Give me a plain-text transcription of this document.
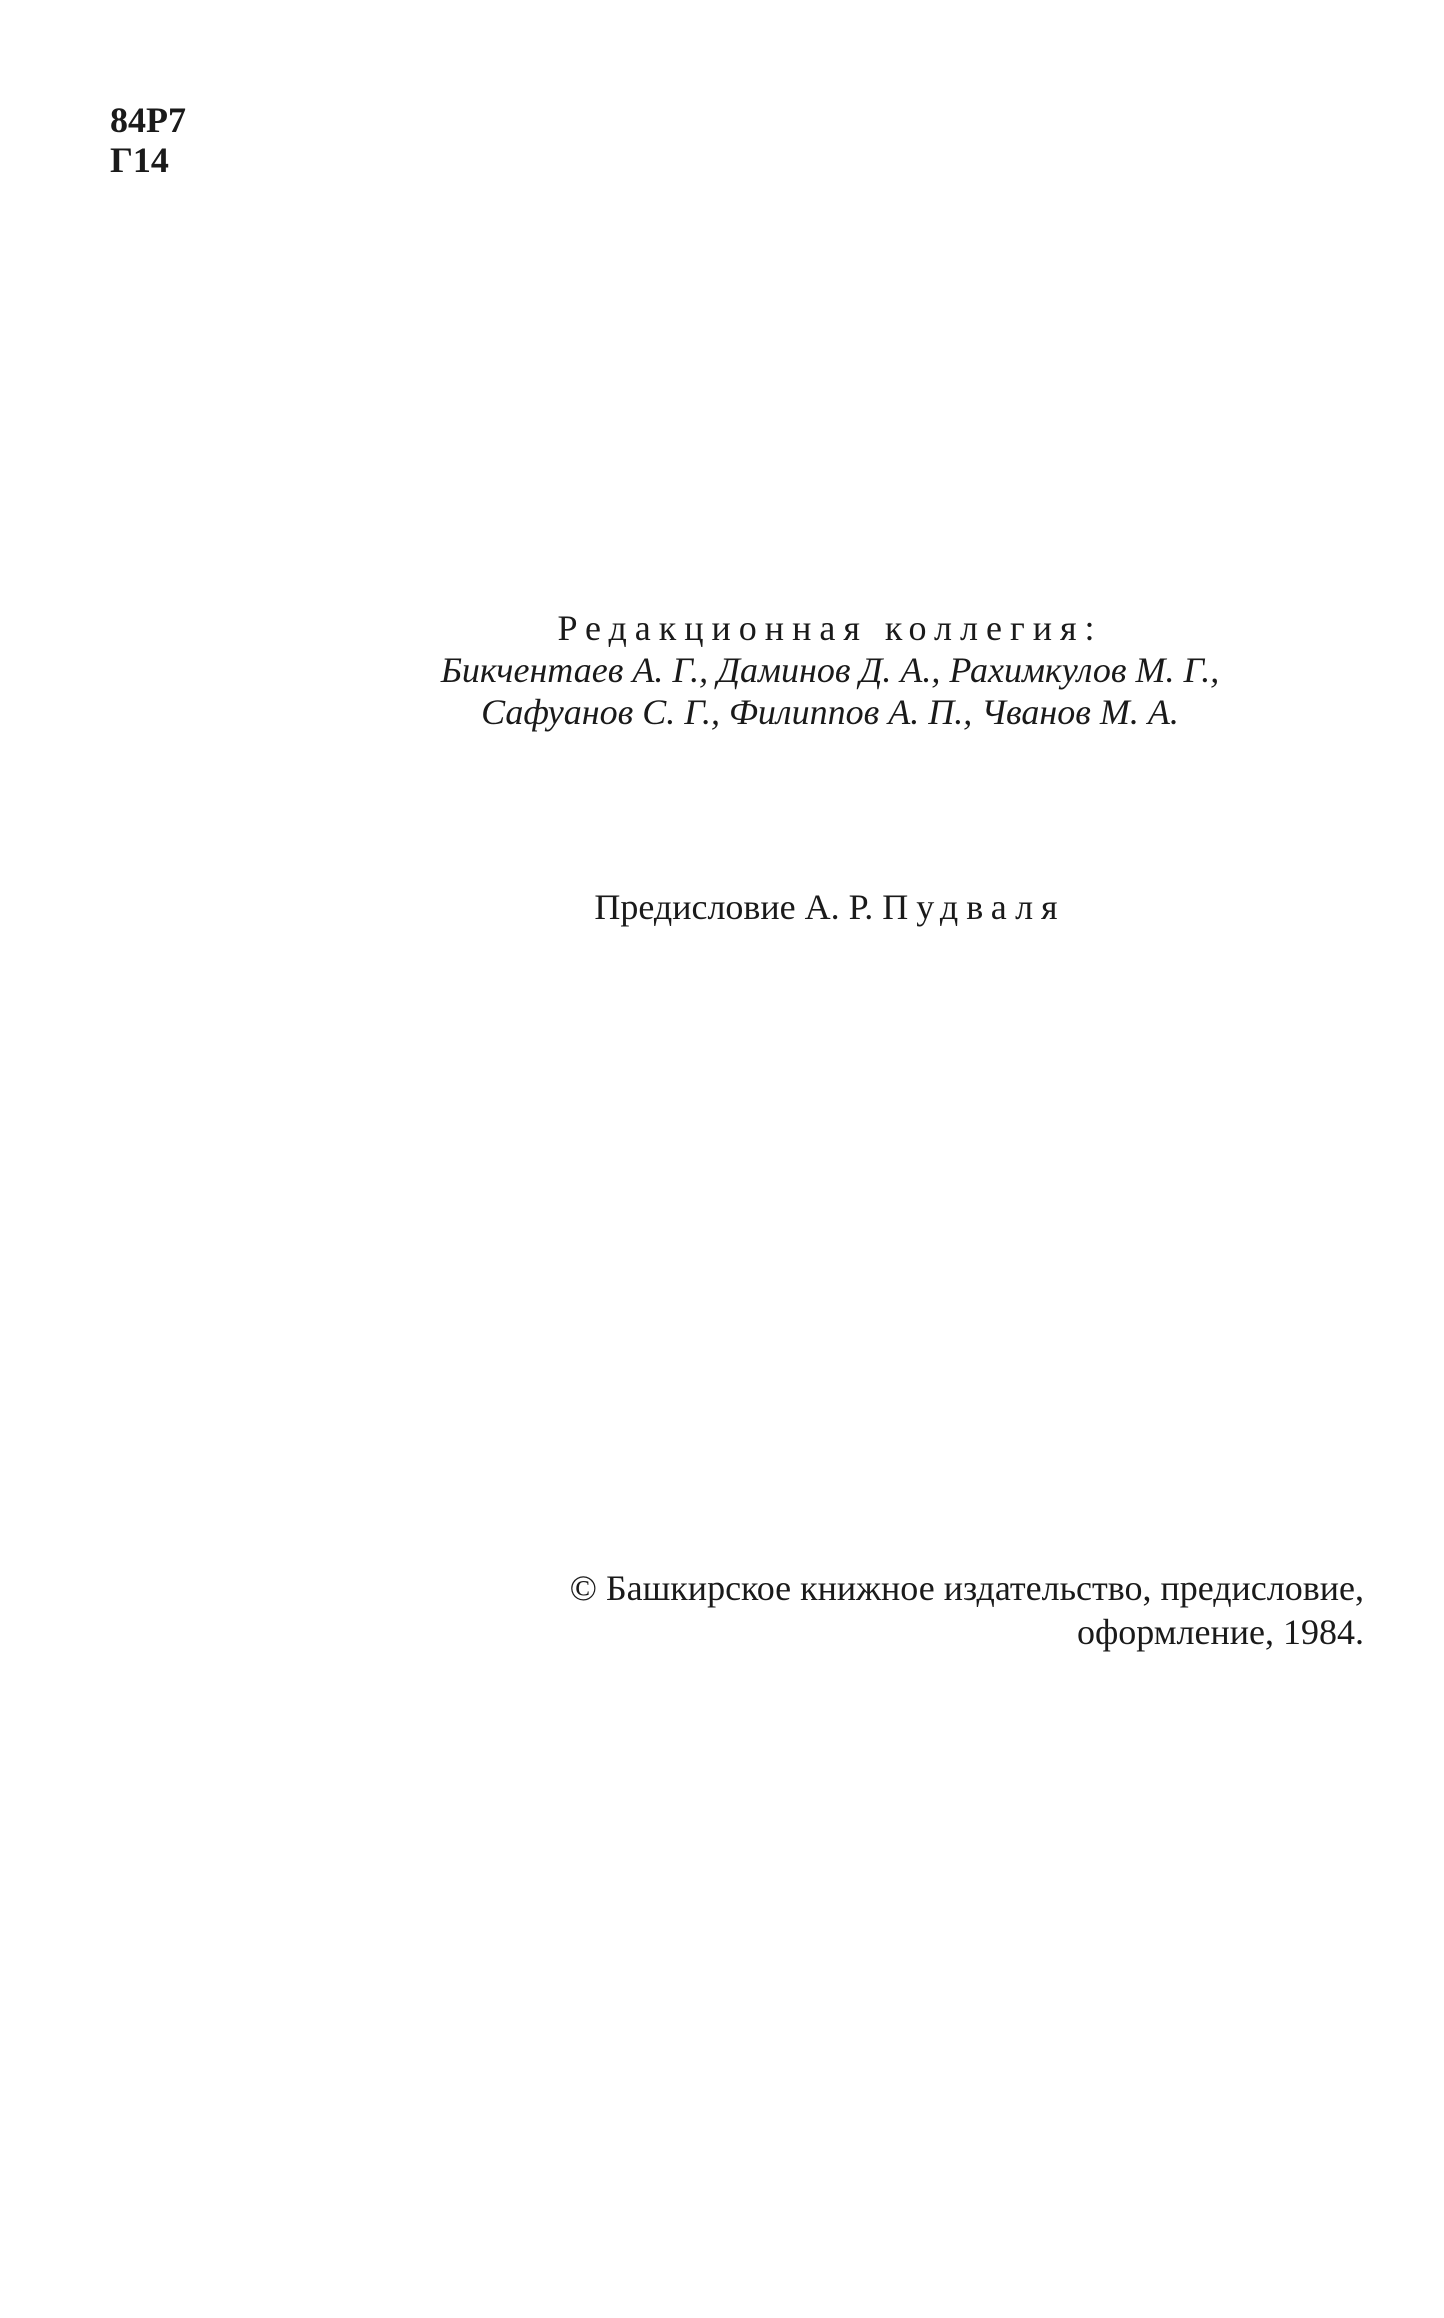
84Р7
Г14
Редакционная коллегия:
Бикчентаев А. Г., Даминов Д. А., Рахимкулов М. Г.,
Сафуанов С. Г., Филиппов А. П., Чванов М. А.
Предисловие А. Р. Пудваля
© Башкирское книжное издательство, предисловие,
оформление, 1984.
